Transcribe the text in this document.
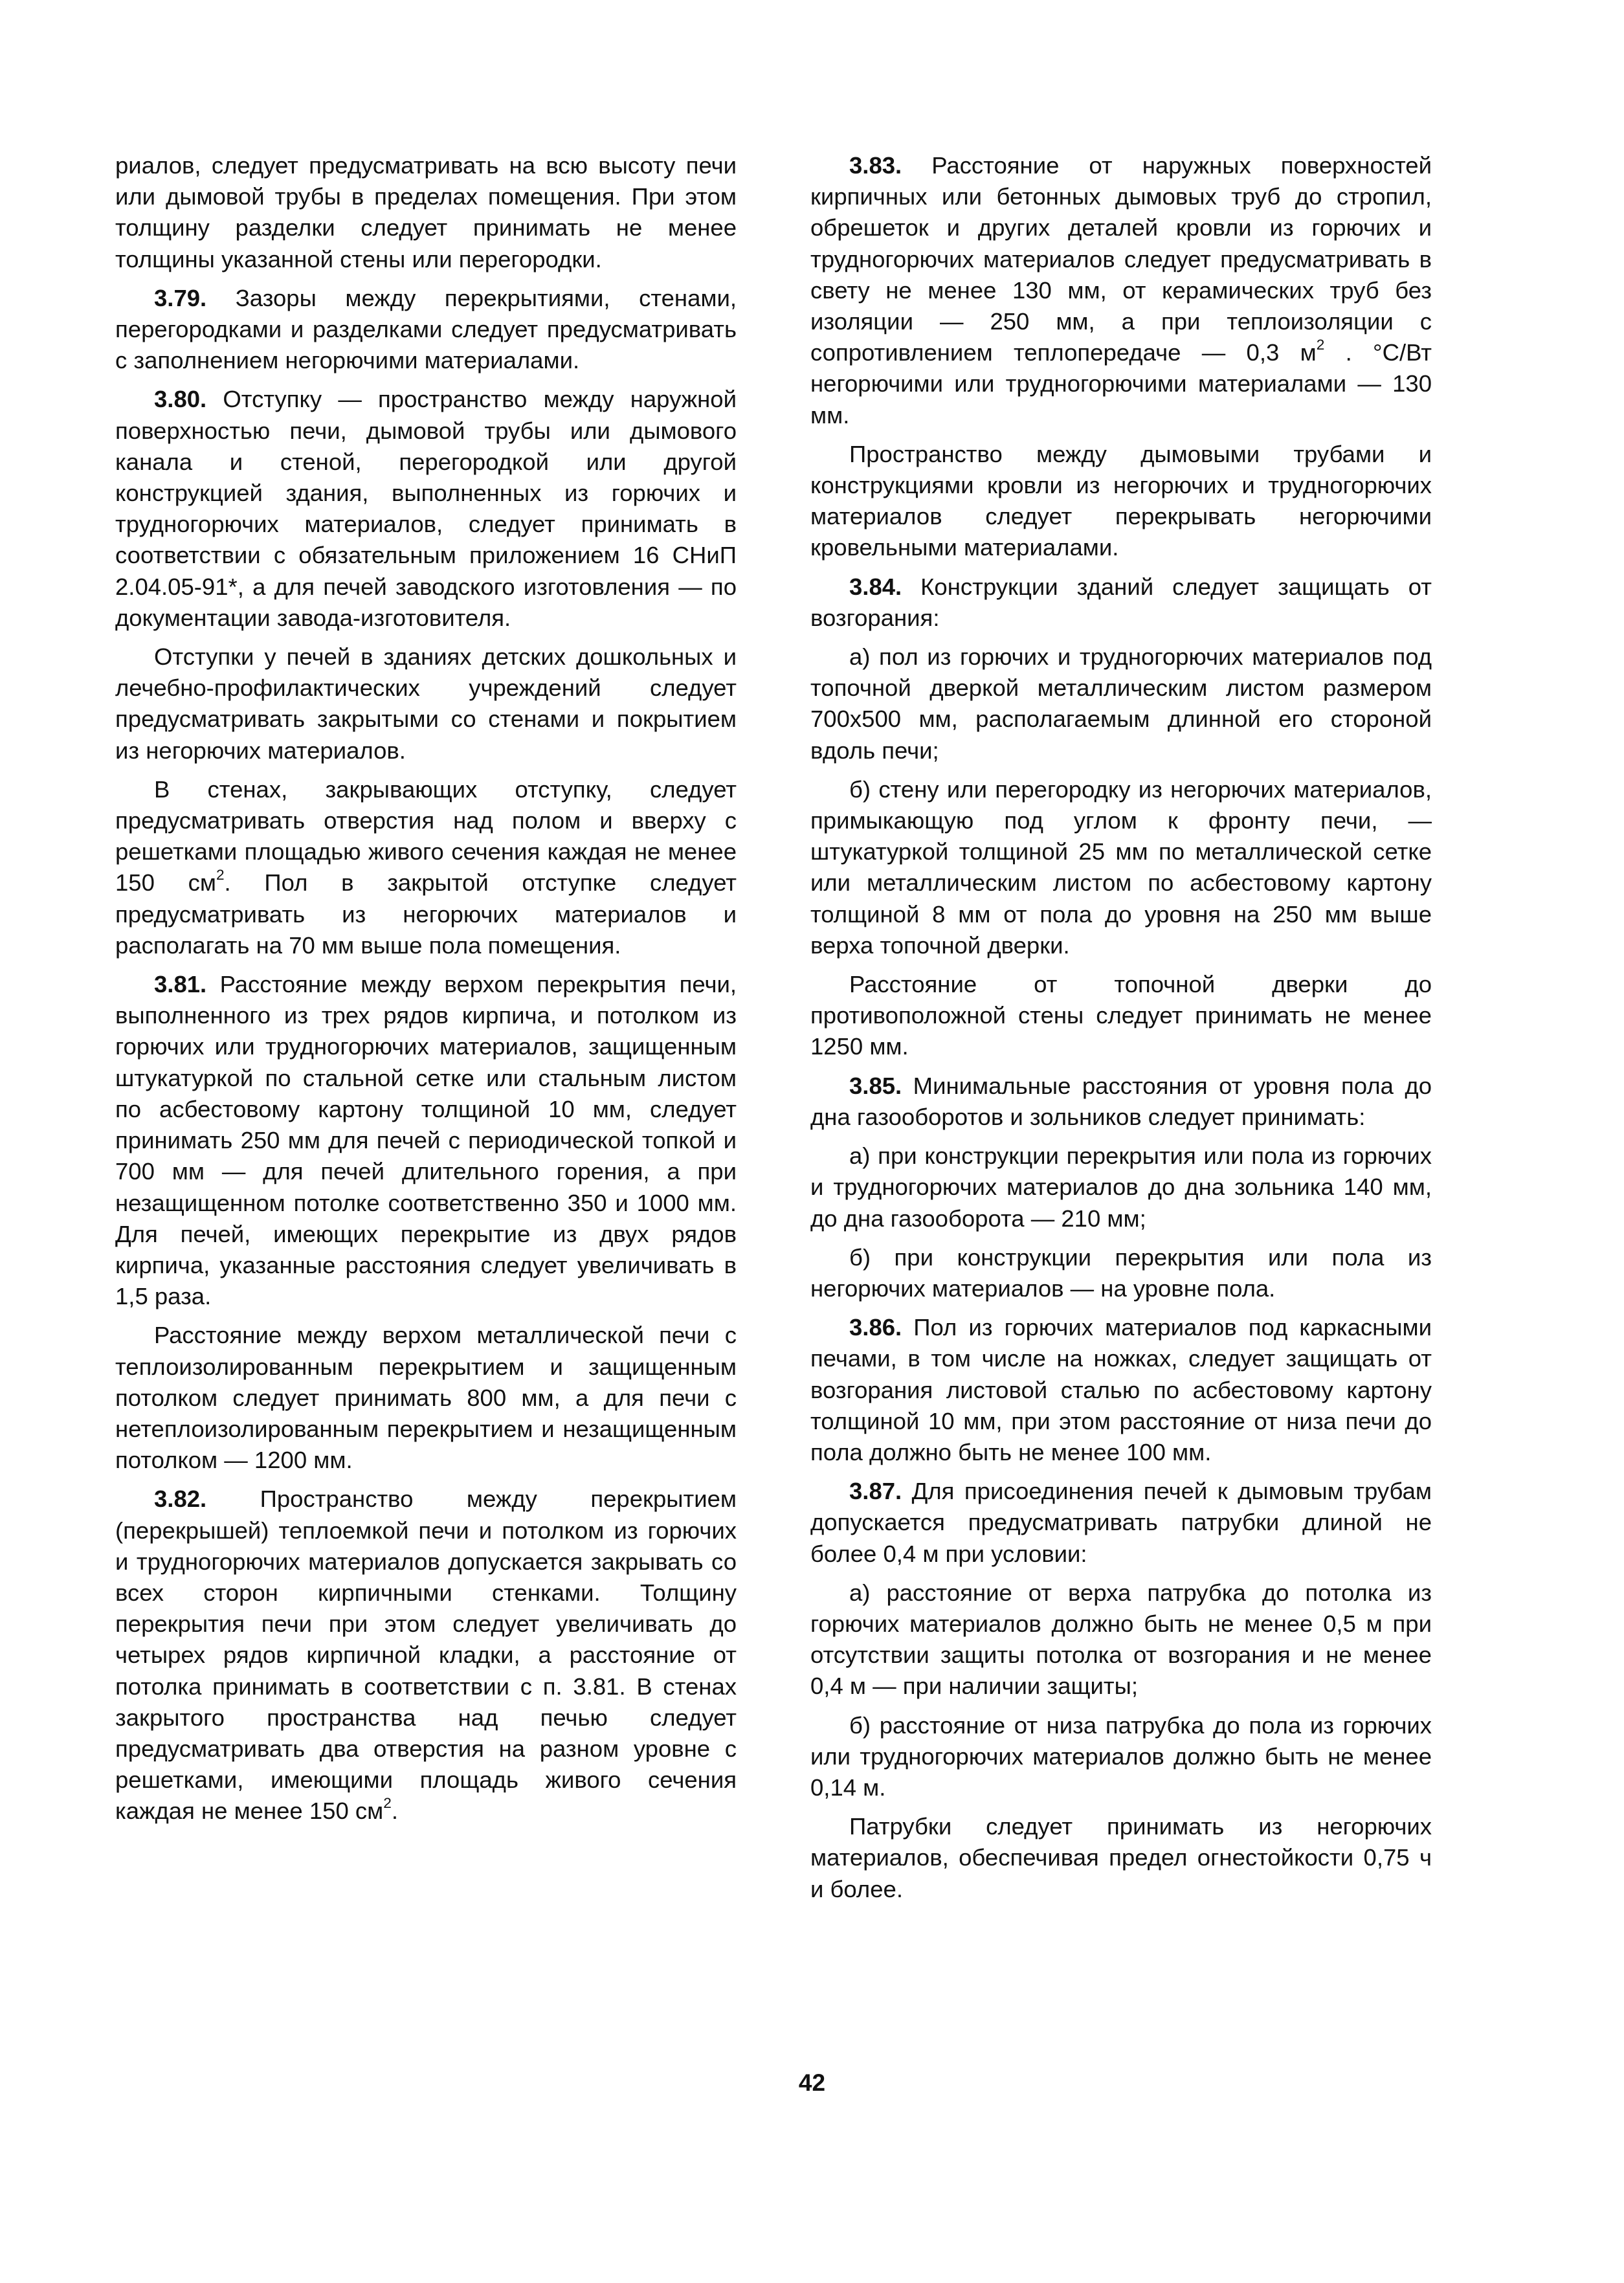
риалов, следует предусматривать на всю высоту печи или дымовой трубы в пределах помещения. При этом толщину разделки следует принимать не менее толщины указанной стены или перегородки.

3.79. Зазоры между перекрытиями, стенами, перегородками и разделками следует предусматривать с заполнением негорючими материалами.

3.80. Отступку — пространство между наружной поверхностью печи, дымовой трубы или дымового канала и стеной, перегородкой или другой конструкцией здания, выполненных из горючих и трудногорючих материалов, следует принимать в соответствии с обязательным приложением 16 СНиП 2.04.05-91*, а для печей заводского изготовления — по документации завода-изготовителя.

Отступки у печей в зданиях детских дошкольных и лечебно-профилактических учреждений следует предусматривать закрытыми со стенами и покрытием из негорючих материалов.

В стенах, закрывающих отступку, следует предусматривать отверстия над полом и вверху с решетками площадью живого сечения каждая не менее 150 $см^2$. Пол в закрытой отступке следует предусматривать из негорючих материалов и располагать на 70 мм выше пола помещения.

3.81. Расстояние между верхом перекрытия печи, выполненного из трех рядов кирпича, и потолком из горючих или трудногорючих материалов, защищенным штукатуркой по стальной сетке или стальным листом по асбестовому картону толщиной 10 мм, следует принимать 250 мм для печей с периодической топкой и 700 мм — для печей длительного горения, а при незащищенном потолке соответственно 350 и 1000 мм. Для печей, имеющих перекрытие из двух рядов кирпича, указанные расстояния следует увеличивать в 1,5 раза.

Расстояние между верхом металлической печи с теплоизолированным перекрытием и защищенным потолком следует принимать 800 мм, а для печи с нетеплоизолированным перекрытием и незащищенным потолком — 1200 мм.

3.82. Пространство между перекрытием (перекрышей) теплоемкой печи и потолком из горючих и трудногорючих материалов допускается закрывать со всех сторон кирпичными стенками. Толщину перекрытия печи при этом следует увеличивать до четырех рядов кирпичной кладки, а расстояние от потолка принимать в соответствии с п. 3.81. В стенах закрытого пространства над печью следует предусматривать два отверстия на разном уровне с решетками, имеющими площадь живого сечения каждая не менее 150 $см^2$.

3.83. Расстояние от наружных поверхностей кирпичных или бетонных дымовых труб до стропил, обрешеток и других деталей кровли из горючих и трудногорючих материалов следует предусматривать в свету не менее 130 мм, от керамических труб без изоляции — 250 мм, а при теплоизоляции с сопротивлением теплопередаче — 0,3 $м^2$ . °С/Вт негорючими или трудногорючими материалами — 130 мм.

Пространство между дымовыми трубами и конструкциями кровли из негорючих и трудногорючих материалов следует перекрывать негорючими кровельными материалами.

3.84. Конструкции зданий следует защищать от возгорания:

а) пол из горючих и трудногорючих материалов под топочной дверкой металлическим листом размером 700х500 мм, располагаемым длинной его стороной вдоль печи;

б) стену или перегородку из негорючих материалов, примыкающую под углом к фронту печи, — штукатуркой толщиной 25 мм по металлической сетке или металлическим листом по асбестовому картону толщиной 8 мм от пола до уровня на 250 мм выше верха топочной дверки.

Расстояние от топочной дверки до противоположной стены следует принимать не менее 1250 мм.

3.85. Минимальные расстояния от уровня пола до дна газооборотов и зольников следует принимать:

а) при конструкции перекрытия или пола из горючих и трудногорючих материалов до дна зольника 140 мм, до дна газооборота — 210 мм;

б) при конструкции перекрытия или пола из негорючих материалов — на уровне пола.

3.86. Пол из горючих материалов под каркасными печами, в том числе на ножках, следует защищать от возгорания листовой сталью по асбестовому картону толщиной 10 мм, при этом расстояние от низа печи до пола должно быть не менее 100 мм.

3.87. Для присоединения печей к дымовым трубам допускается предусматривать патрубки длиной не более 0,4 м при условии:

а) расстояние от верха патрубка до потолка из горючих материалов должно быть не менее 0,5 м при отсутствии защиты потолка от возгорания и не менее 0,4 м — при наличии защиты;

б) расстояние от низа патрубка до пола из горючих или трудногорючих материалов должно быть не менее 0,14 м.

Патрубки следует принимать из негорючих материалов, обеспечивая предел огнестойкости 0,75 ч и более.

42
